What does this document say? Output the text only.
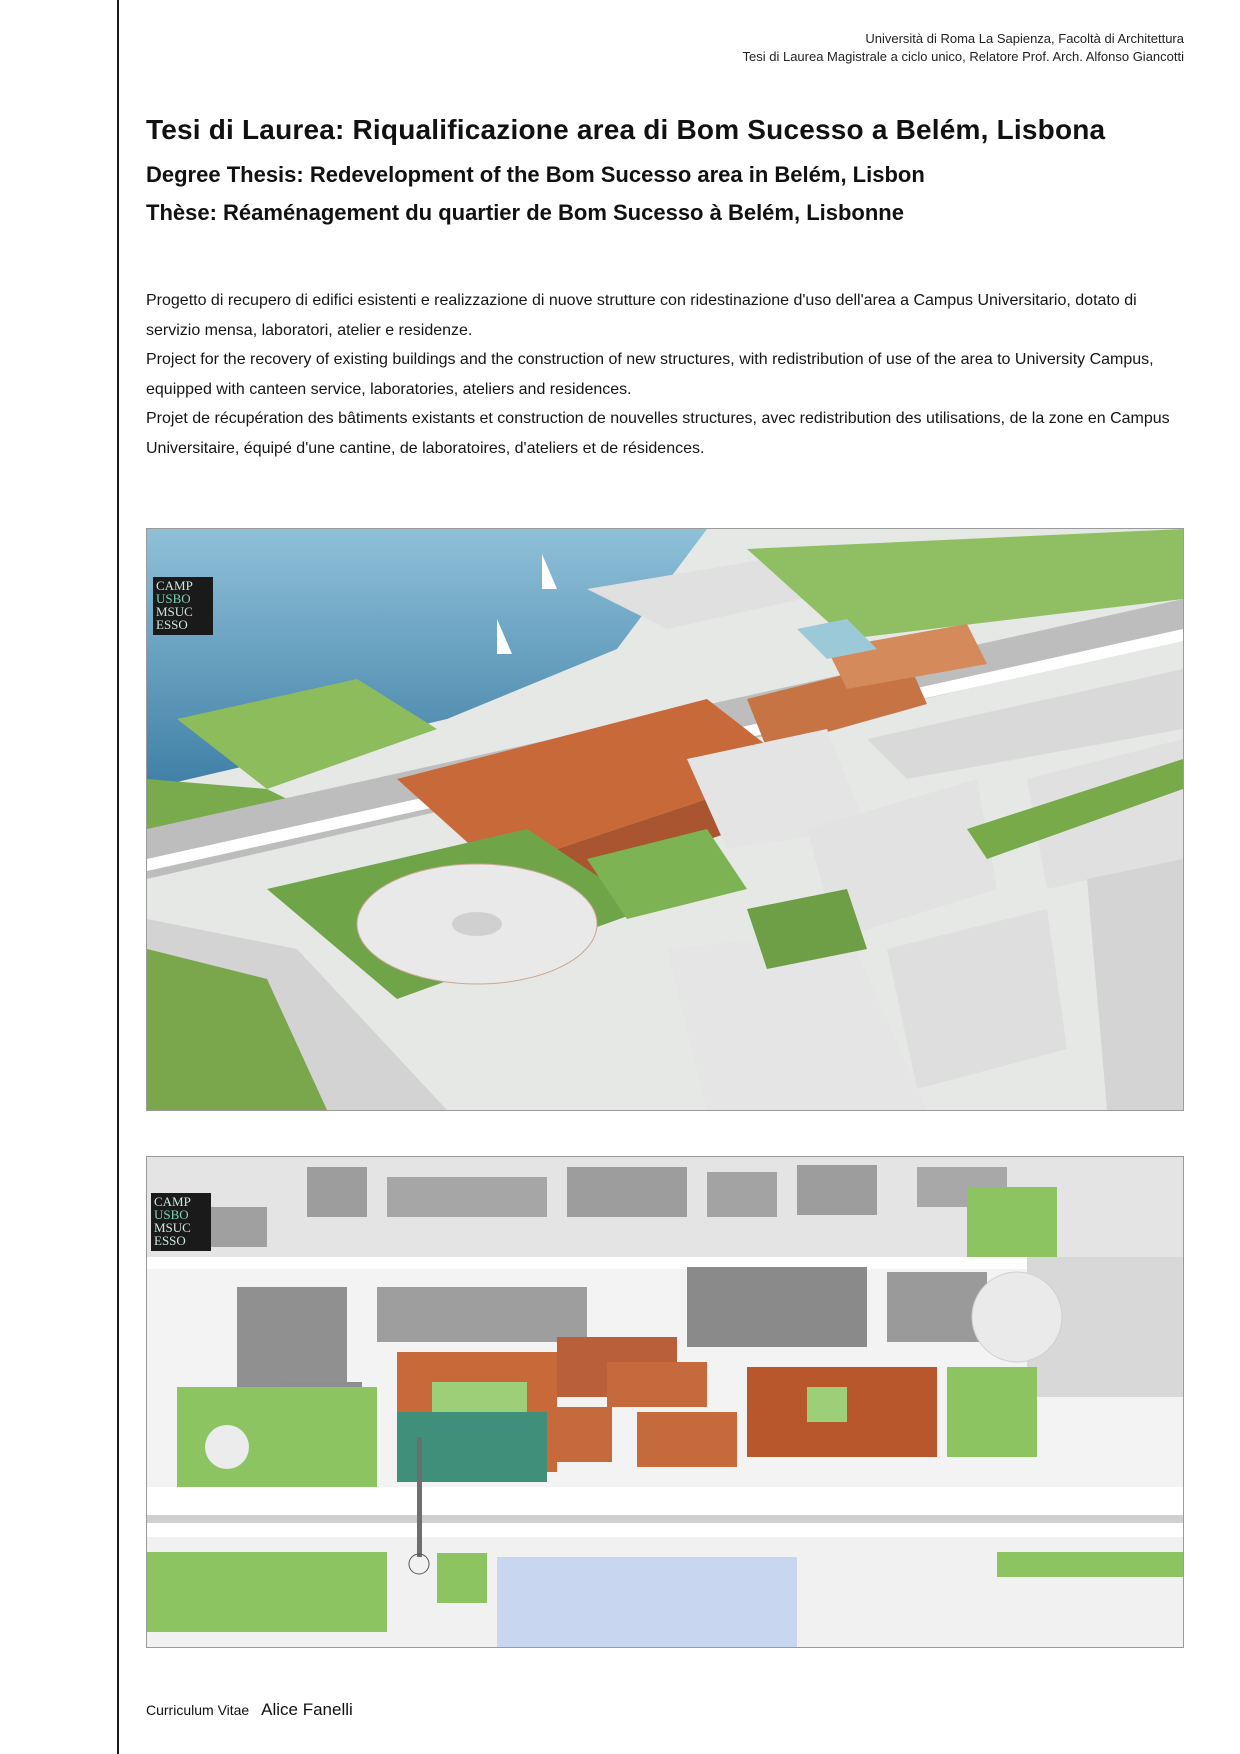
Università di Roma La Sapienza, Facoltà di Architettura
Tesi di Laurea Magistrale a ciclo unico, Relatore Prof. Arch. Alfonso Giancotti
Tesi di Laurea: Riqualificazione area di Bom Sucesso a Belém, Lisbona
Degree Thesis: Redevelopment of the Bom Sucesso area in Belém, Lisbon
Thèse: Réaménagement du quartier de Bom Sucesso à Belém, Lisbonne

Progetto di recupero di edifici esistenti e realizzazione di nuove strutture con ridestinazione d'uso dell'area a Campus Universitario, dotato di servizio mensa, laboratori, atelier e residenze.

Project for the recovery of existing buildings and the construction of new structures, with redistribution of use of the area to University Campus, equipped with canteen service, laboratories, ateliers and residences.

Projet de récupération des bâtiments existants et construction de nouvelles structures, avec redistribution des utilisations, de la zone en Campus Universitaire, équipé d'une cantine, de laboratoires, d'ateliers et de résidences.

CAMP
USBO
MSUC
ESSO
CAMP
USBO
MSUC
ESSO
Curriculum Vitae Alice Fanelli
